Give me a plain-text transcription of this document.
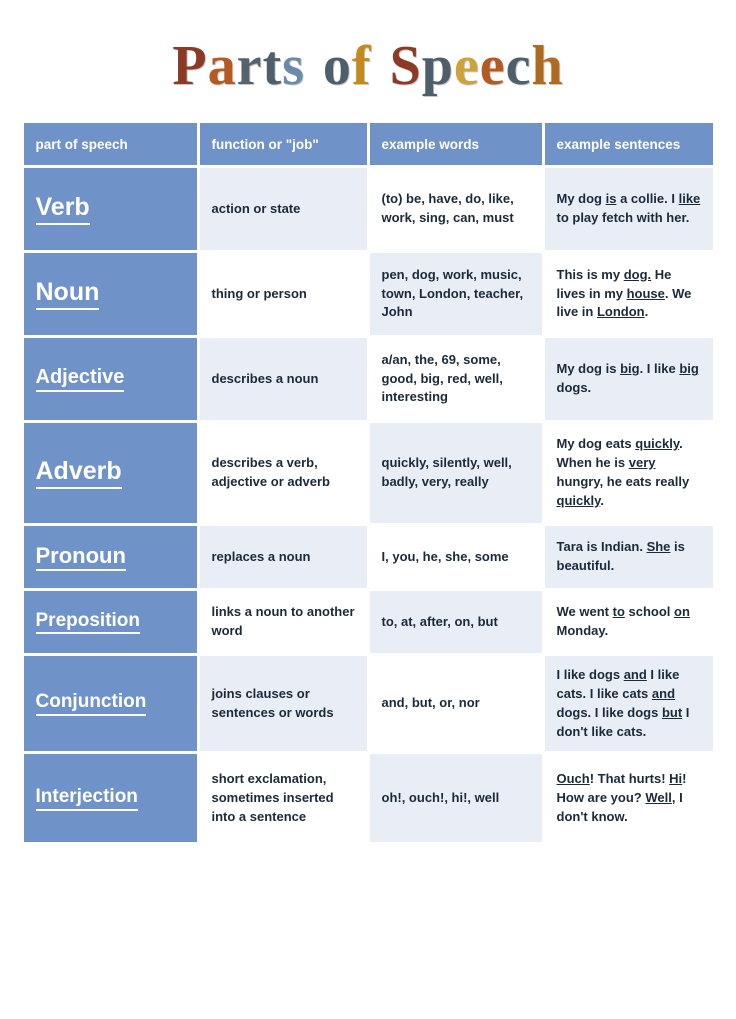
Parts of Speech
part of speech	function or "job"	example words	example sentences
Verb	action or state	(to) be, have, do, like, work, sing, can, must	My dog is a collie. I like to play fetch with her.
Noun	thing or person	pen, dog, work, music, town, London, teacher, John	This is my dog. He lives in my house. We live in London.
Adjective	describes a noun	a/an, the, 69, some, good, big, red, well, interesting	My dog is big. I like big dogs.
Adverb	describes a verb, adjective or adverb	quickly, silently, well, badly, very, really	My dog eats quickly. When he is very hungry, he eats really quickly.
Pronoun	replaces a noun	I, you, he, she, some	Tara is Indian. She is beautiful.
Preposition	links a noun to another word	to, at, after, on, but	We went to school on Monday.
Conjunction	joins clauses or sentences or words	and, but, or, nor	I like dogs and I like cats. I like cats and dogs. I like dogs but I don't like cats.
Interjection	short exclamation, sometimes inserted into a sentence	oh!, ouch!, hi!, well	Ouch! That hurts! Hi! How are you? Well, I don't know.
